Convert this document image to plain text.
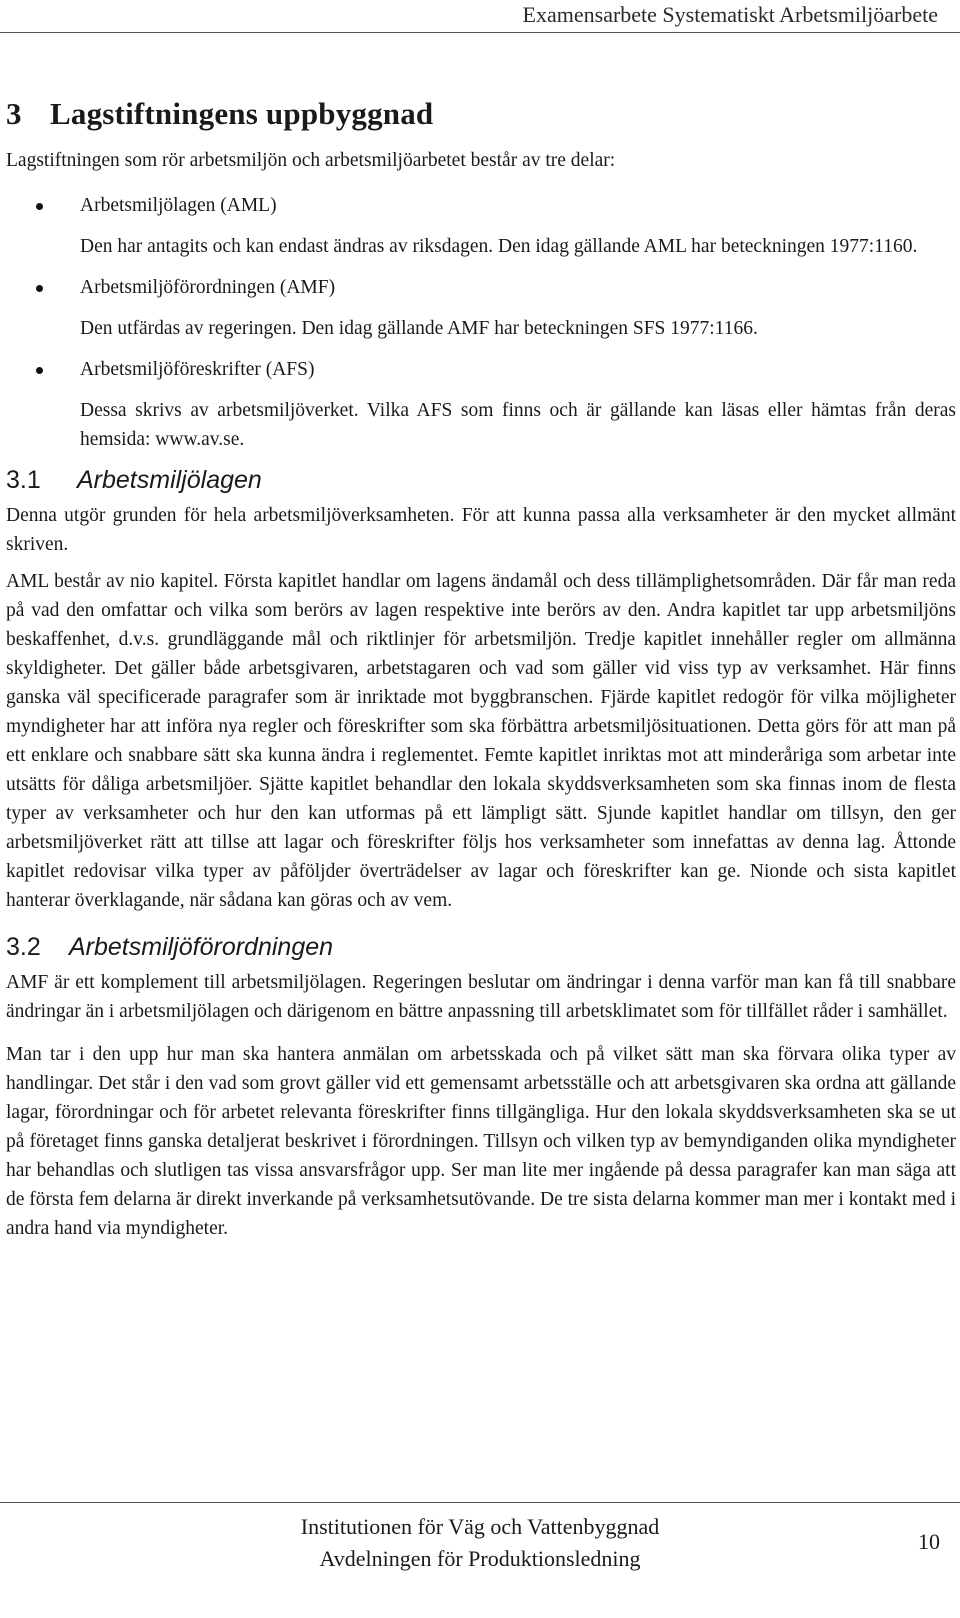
Examensarbete Systematiskt Arbetsmiljöarbete
3 Lagstiftningens uppbyggnad

Lagstiftningen som rör arbetsmiljön och arbetsmiljöarbetet består av tre delar:

Arbetsmiljölagen (AML)
Den har antagits och kan endast ändras av riksdagen. Den idag gällande AML har beteckningen 1977:1160.
Arbetsmiljöförordningen (AMF)
Den utfärdas av regeringen. Den idag gällande AMF har beteckningen SFS 1977:1166.
Arbetsmiljöföreskrifter (AFS)
Dessa skrivs av arbetsmiljöverket. Vilka AFS som finns och är gällande kan läsas eller hämtas från deras hemsida: www.av.se.
3.1 Arbetsmiljölagen

Denna utgör grunden för hela arbetsmiljöverksamheten. För att kunna passa alla verksamheter är den mycket allmänt skriven.

AML består av nio kapitel. Första kapitlet handlar om lagens ändamål och dess tillämplighetsområden. Där får man reda på vad den omfattar och vilka som berörs av lagen respektive inte berörs av den. Andra kapitlet tar upp arbetsmiljöns beskaffenhet, d.v.s. grundläggande mål och riktlinjer för arbetsmiljön. Tredje kapitlet innehåller regler om allmänna skyldigheter. Det gäller både arbetsgivaren, arbetstagaren och vad som gäller vid viss typ av verksamhet. Här finns ganska väl specificerade paragrafer som är inriktade mot byggbranschen. Fjärde kapitlet redogör för vilka möjligheter myndigheter har att införa nya regler och föreskrifter som ska förbättra arbetsmiljösituationen. Detta görs för att man på ett enklare och snabbare sätt ska kunna ändra i reglementet. Femte kapitlet inriktas mot att minderåriga som arbetar inte utsätts för dåliga arbetsmiljöer. Sjätte kapitlet behandlar den lokala skyddsverksamheten som ska finnas inom de flesta typer av verksamheter och hur den kan utformas på ett lämpligt sätt. Sjunde kapitlet handlar om tillsyn, den ger arbetsmiljöverket rätt att tillse att lagar och föreskrifter följs hos verksamheter som innefattas av denna lag. Åttonde kapitlet redovisar vilka typer av påföljder överträdelser av lagar och föreskrifter kan ge. Nionde och sista kapitlet hanterar överklagande, när sådana kan göras och av vem.

3.2 Arbetsmiljöförordningen

AMF är ett komplement till arbetsmiljölagen. Regeringen beslutar om ändringar i denna varför man kan få till snabbare ändringar än i arbetsmiljölagen och därigenom en bättre anpassning till arbetsklimatet som för tillfället råder i samhället.

Man tar i den upp hur man ska hantera anmälan om arbetsskada och på vilket sätt man ska förvara olika typer av handlingar. Det står i den vad som grovt gäller vid ett gemensamt arbetsställe och att arbetsgivaren ska ordna att gällande lagar, förordningar och för arbetet relevanta föreskrifter finns tillgängliga. Hur den lokala skyddsverksamheten ska se ut på företaget finns ganska detaljerat beskrivet i förordningen. Tillsyn och vilken typ av bemyndiganden olika myndigheter har behandlas och slutligen tas vissa ansvarsfrågor upp. Ser man lite mer ingående på dessa paragrafer kan man säga att de första fem delarna är direkt inverkande på verksamhetsutövande. De tre sista delarna kommer man mer i kontakt med i andra hand via myndigheter.

Institutionen för Väg och Vattenbyggnad
Avdelningen för Produktionsledning
10
